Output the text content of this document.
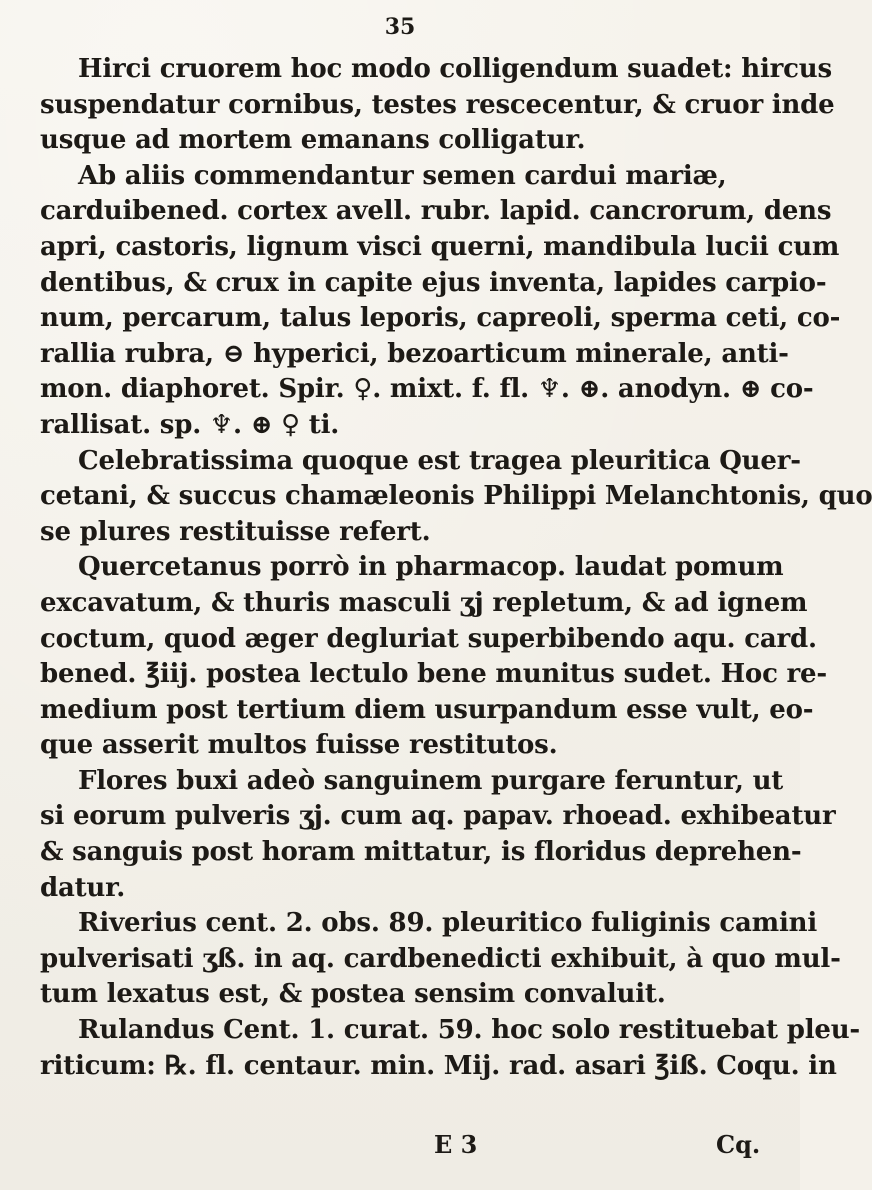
35
Hirci cruorem hoc modo colligendum suadet: hircus
suspendatur cornibus, testes rescecentur, & cruor inde
usque ad mortem emanans colligatur.
Ab aliis commendantur semen cardui mariæ,
carduibened. cortex avell. rubr. lapid. cancrorum, dens
apri, castoris, lignum visci querni, mandibula lucii cum
dentibus, & crux in capite ejus inventa, lapides carpio-
num, percarum, talus leporis, capreoli, sperma ceti, co-
rallia rubra, ⊖ hyperici, bezoarticum minerale, anti-
mon. diaphoret. Spir. ♀. mixt. f. fl. ♆. ⊕. anodyn. ⊕ co-
rallisat. sp. ♆. ⊕ ♀ ti.
Celebratissima quoque est tragea pleuritica Quer-
cetani, & succus chamæleonis Philippi Melanchtonis, quo
se plures restituisse refert.
Quercetanus porrò in pharmacop. laudat pomum
excavatum, & thuris masculi ʒj repletum, & ad ignem
coctum, quod æger degluriat superbibendo aqu. card.
bened. ℥iij. postea lectulo bene munitus sudet. Hoc re-
medium post tertium diem usurpandum esse vult, eo-
que asserit multos fuisse restitutos.
Flores buxi adeò sanguinem purgare feruntur, ut
si eorum pulveris ʒj. cum aq. papav. rhoead. exhibeatur
& sanguis post horam mittatur, is floridus deprehen-
datur.
Riverius cent. 2. obs. 89. pleuritico fuliginis camini
pulverisati ʒß. in aq. cardbenedicti exhibuit, à quo mul-
tum lexatus est, & postea sensim convaluit.
Rulandus Cent. 1. curat. 59. hoc solo restituebat pleu-
riticum: ℞. fl. centaur. min. Mij. rad. asari ℥iß. Coqu. in
E 3	Cq.
